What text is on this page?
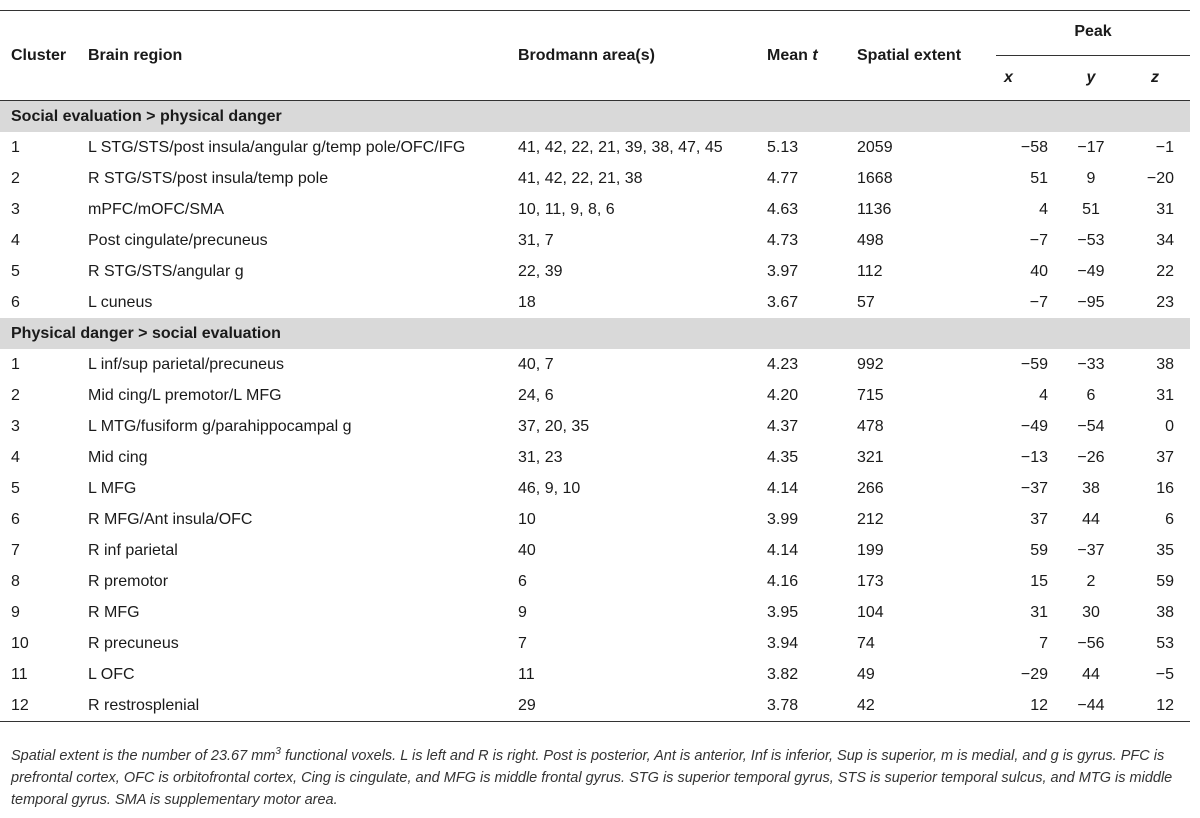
Cluster	Brain region	Brodmann area(s)	Mean t	Spatial extent	Peak		

					x	y	z
Social evaluation > physical danger							
1	L STG/STS/post insula/angular g/temp pole/OFC/IFG	41, 42, 22, 21, 39, 38, 47, 45	5.13	2059	−58	−17	−1
2	R STG/STS/post insula/temp pole	41, 42, 22, 21, 38	4.77	1668	51	9	−20
3	mPFC/mOFC/SMA	10, 11, 9, 8, 6	4.63	1136	4	51	31
4	Post cingulate/precuneus	31, 7	4.73	498	−7	−53	34
5	R STG/STS/angular g	22, 39	3.97	112	40	−49	22
6	L cuneus	18	3.67	57	−7	−95	23
Physical danger > social evaluation							
1	L inf/sup parietal/precuneus	40, 7	4.23	992	−59	−33	38
2	Mid cing/L premotor/L MFG	24, 6	4.20	715	4	6	31
3	L MTG/fusiform g/parahippocampal g	37, 20, 35	4.37	478	−49	−54	0
4	Mid cing	31, 23	4.35	321	−13	−26	37
5	L MFG	46, 9, 10	4.14	266	−37	38	16
6	R MFG/Ant insula/OFC	10	3.99	212	37	44	6
7	R inf parietal	40	4.14	199	59	−37	35
8	R premotor	6	4.16	173	15	2	59
9	R MFG	9	3.95	104	31	30	38
10	R precuneus	7	3.94	74	7	−56	53
11	L OFC	11	3.82	49	−29	44	−5
12	R restrosplenial	29	3.78	42	12	−44	12
Spatial extent is the number of 23.67 $mm^3$ functional voxels. L is left and R is right. Post is posterior, Ant is anterior, Inf is inferior, Sup is superior, m is medial, and g is gyrus. PFC is prefrontal cortex, OFC is orbitofrontal cortex, Cing is cingulate, and MFG is middle frontal gyrus. STG is superior temporal gyrus, STS is superior temporal sulcus, and MTG is middle temporal gyrus. SMA is supplementary motor area.
